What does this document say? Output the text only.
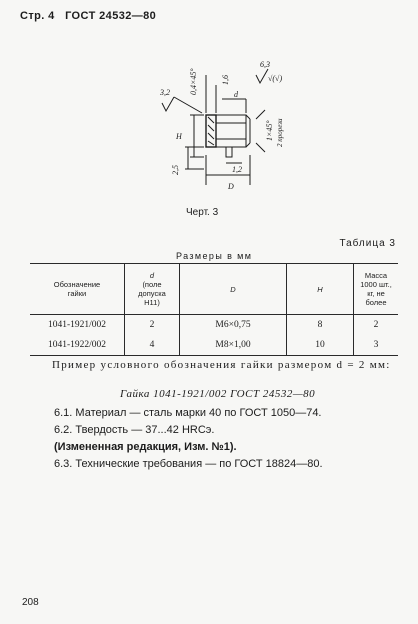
Стр. 4 ГОСТ 24532—80
6,3
√(√)
3,2	d
H
D
1,2
0,4×45°	1,6
2,5
1×45° 2 прорези
Черт. 3
Таблица 3
Размеры в мм
Обозначение
гайки	d
(поле
допуска
H11)	D	H	Масса
1000 шт.,
кг, не
более
1041-1921/002	2	M6×0,75	8	2
1041-1922/002	4	M8×1,00	10	3
Пример условного обозначения гайки размером d = 2 мм:
Гайка 1041-1921/002 ГОСТ 24532—80
6.1. Материал — сталь марки 40 по ГОСТ 1050—74.
6.2. Твердость — 37...42 HRCэ.
(Измененная редакция, Изм. №1).
6.3. Технические требования — по ГОСТ 18824—80.
208
